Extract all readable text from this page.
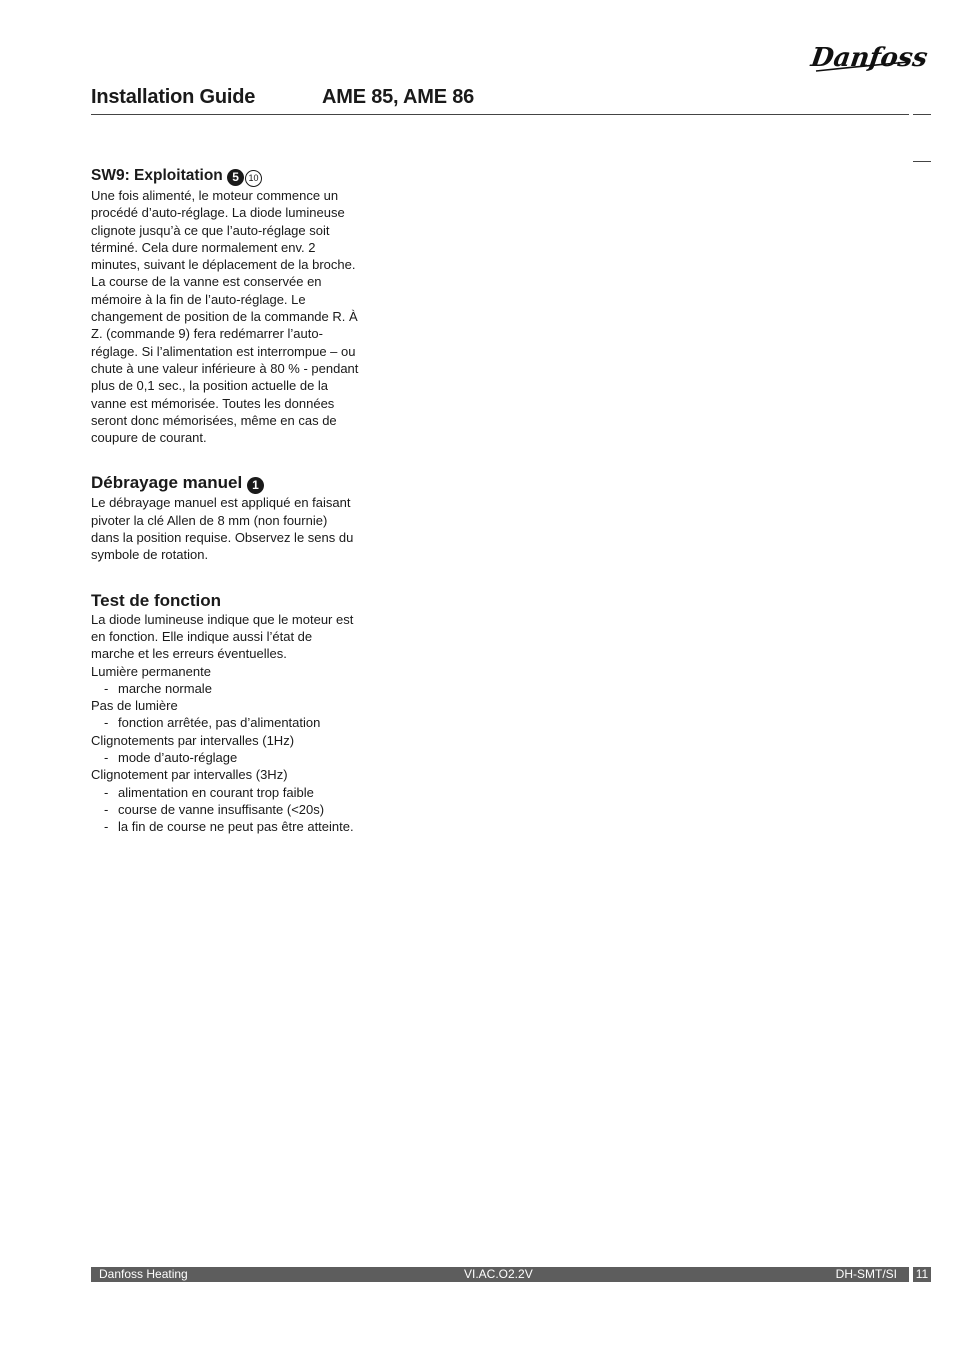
Danfoss
Installation Guide	AME 85, AME 86
SW9: Exploitation 5 10

Une fois alimenté, le moteur commence un procédé d’auto-réglage. La diode lumineuse clignote jusqu’à ce que l’auto-réglage soit términé. Cela dure normalement env. 2 minutes, suivant le déplacement de la broche. La course de la vanne est conservée en mémoire à la fin de l’auto-réglage. Le changement de position de la commande R. À Z. (commande 9) fera redémarrer l’auto-réglage. Si l’alimentation est interrompue – ou chute à une valeur inférieure à 80 % - pendant plus de 0,1 sec., la position actuelle de la vanne est mémorisée. Toutes les données seront donc mémorisées, même en cas de coupure de courant.

Débrayage manuel 1

Le débrayage manuel est appliqué en faisant pivoter la clé Allen de 8 mm (non fournie) dans la position requise. Observez le sens du symbole de rotation.

Test de fonction

La diode lumineuse indique que le moteur est en fonction. Elle indique aussi l’état de marche et les erreurs éventuelles.

Lumière permanente

- marche normale

Pas de lumière

- fonction arrêtée, pas d’alimentation

Clignotements par intervalles (1Hz)

- mode d’auto-réglage

Clignotement par intervalles (3Hz)

- alimentation en courant trop faible

- course de vanne insuffisante (<20s)

- la fin de course ne peut pas être atteinte.

Danfoss Heating	VI.AC.O2.2V	DH-SMT/SI 11
